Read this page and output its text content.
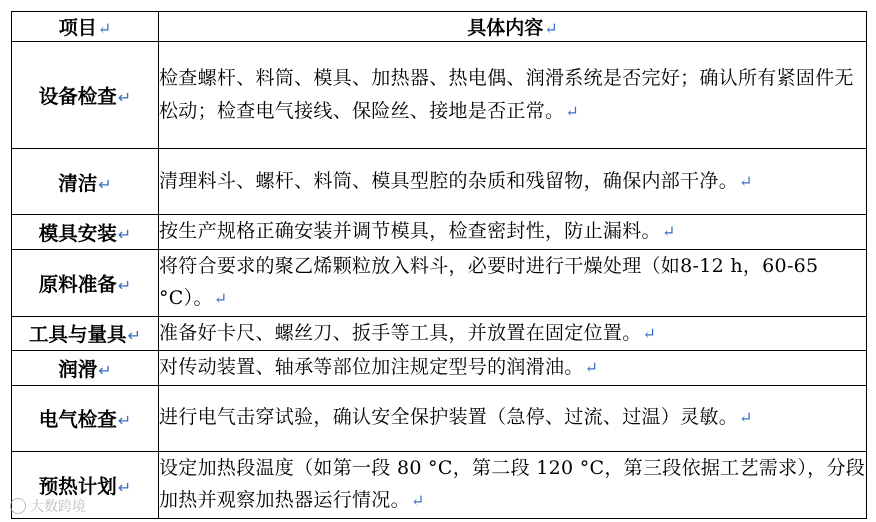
项目↵	具体内容↵
设备检查↵	检查螺杆、料筒、模具、加热器、热电偶、润滑系统是否完好；确认所有紧固件无松动；检查电气接线、保险丝、接地是否正常。↵
清洁↵	清理料斗、螺杆、料筒、模具型腔的杂质和残留物，确保内部干净。↵
模具安装↵	按生产规格正确安装并调节模具，检查密封性，防止漏料。↵
原料准备↵	将符合要求的聚乙烯颗粒放入料斗，必要时进行干燥处理（如8-12 h，60-65 °C）。↵
工具与量具↵	准备好卡尺、螺丝刀、扳手等工具，并放置在固定位置。↵
润滑↵	对传动装置、轴承等部位加注规定型号的润滑油。↵
电气检查↵	进行电气击穿试验，确认安全保护装置（急停、过流、过温）灵敏。↵
预热计划↵	设定加热段温度（如第一段 80 °C，第二段 120 °C，第三段依据工艺需求），分段加热并观察加热器运行情况。↵
大数跨境
